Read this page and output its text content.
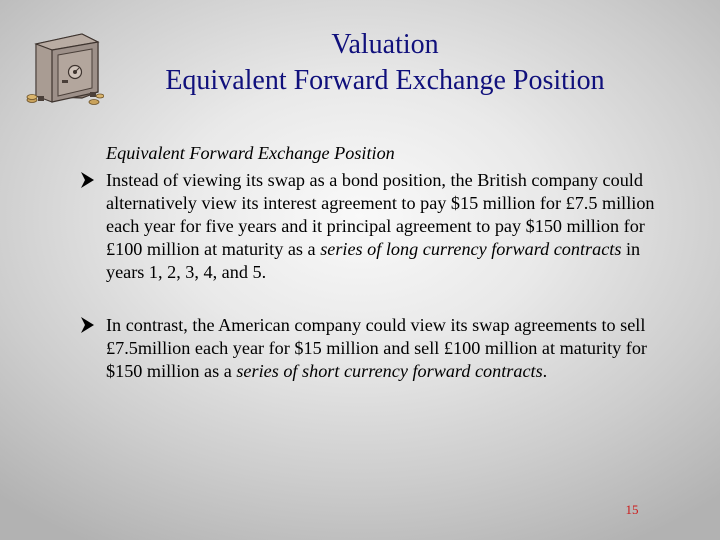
Valuation
Equivalent Forward Exchange Position
Equivalent Forward Exchange Position
Instead of viewing its swap as a bond position, the British company could alternatively view its interest agreement to pay $15 million for £7.5 million each year for five years and it principal agreement to pay $150 million for £100 million at maturity as a series of long currency forward contracts in years 1, 2, 3, 4, and 5.
In contrast, the American company could view its swap agreements to sell £7.5million each year for $15 million and sell £100 million at maturity for $150 million as a series of short currency forward contracts.
15
